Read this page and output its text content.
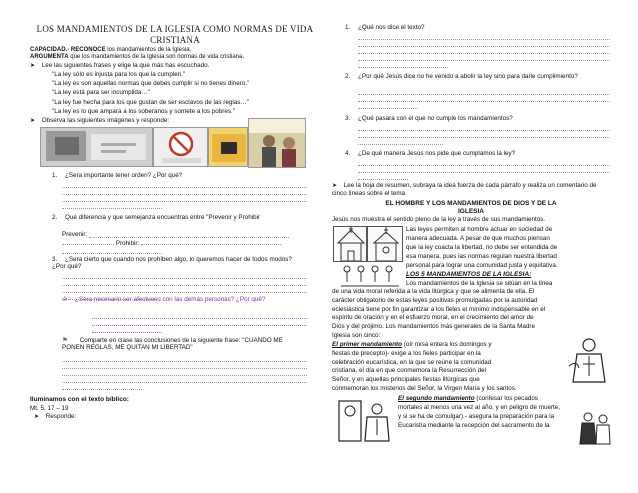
LOS MANDAMIENTOS DE LA IGLESIA COMO NORMAS DE VIDA
CRISTIANA
CAPACIDAD.- RECONOCE los mandamientos de la Iglesia.
ARGUMENTA que los mandamientos de la Iglesia son normas de vida cristiana.
➤ Lee las siguientes frases y elige la que más has escuchado.
"La ley sólo es injusta para los que la cumplen."
"La ley es son aquellas normas que debes cumplir si no tienes dinero."
"La ley está para ser incumplida…"
"La ley fue hecha para los que gustan de ser esclavos de las reglas…"
"La ley es lo que ampara a los soberanos y somete a los pobres."
➤ Observa las siguientes imágenes y responde:
1. ¿Sera importante tener orden? ¿Por qué?
2. Qué diferencia y que semejanza encuentras entre "Prevenir y Prohibir
Prevenir:
Prohibir:
3. ¿Sera cierto que cuando nos prohíben algo, lo queremos hacer de todos modos? ¿Por qué?
✰ ¿Sera necesario ser afectuoso con las demás personas? ¿Por qué?
⚑ Comparte en clase las conclusiones de la siguiente frase: "CUANDO ME PONEN REGLAS, ME QUITAN MI LIBERTAD"
Iluminamos con el texto bíblico:
Mt. 5, 17 – 19
➤ Responde:
1. ¿Qué nos dice el texto?
2. ¿Por qué Jesús dice no he venido a abolir la ley sino para darle cumplimiento?
3. ¿Qué pasara con el que no cumple los mandamientos?
4. ¿De qué manera Jesús nos pide que cumplamos la ley?
➤ Lee la hoja de resumen, subraya la idea fuerza de cada párrafo y realiza un comentario de cinco líneas sobre el tema
EL HOMBRE Y LOS MANDAMIENTOS DE DIOS Y DE LA
IGLESIA
Jesús nos muestra el sentido pleno de la ley a través de sus mandamientos.
Las leyes permiten al hombre actuar en sociedad de
manera adecuada. A pesar de que muchos piensan
que la ley coacta la libertad, no debe ser entendida de
esa manera, pues las normas regulan nuestra libertad
personal para lograr una comunidad justa y equitativa.
LOS 5 MANDAMIENTOS DE LA IGLESIA:
Los mandamientos de la Iglesia se sitúan en la línea
de una vida moral referida a la vida litúrgica y que se alimenta de ella. El
carácter obligatorio de estas leyes positivas promulgadas por la autoridad
eclesiástica tiene por fin garantizar a los fieles el mínimo indispensable en el
espíritu de oración y en el esfuerzo moral, en el crecimiento del amor de
Dios y del prójimo. Los mandamientos más generales de la Santa Madre
Iglesia son cinco:
El primer mandamiento (oír misa entera los domingos y
fiestas de precepto)- exige a los fieles participar en la
celebración eucarística, en la que se reúne la comunidad
cristiana, el día en que conmemora la Resurrección del
Señor, y en aquellas principales fiestas litúrgicas que
conmemoran los misterios del Señor, la Virgen María y los santos.
El segundo mandamiento (confesar los pecados
mortales al menos una vez al año, y en peligro de muerte,
y si se ha de comulgar).- asegura la preparación para la
Eucaristía mediante la recepción del sacramento de la
